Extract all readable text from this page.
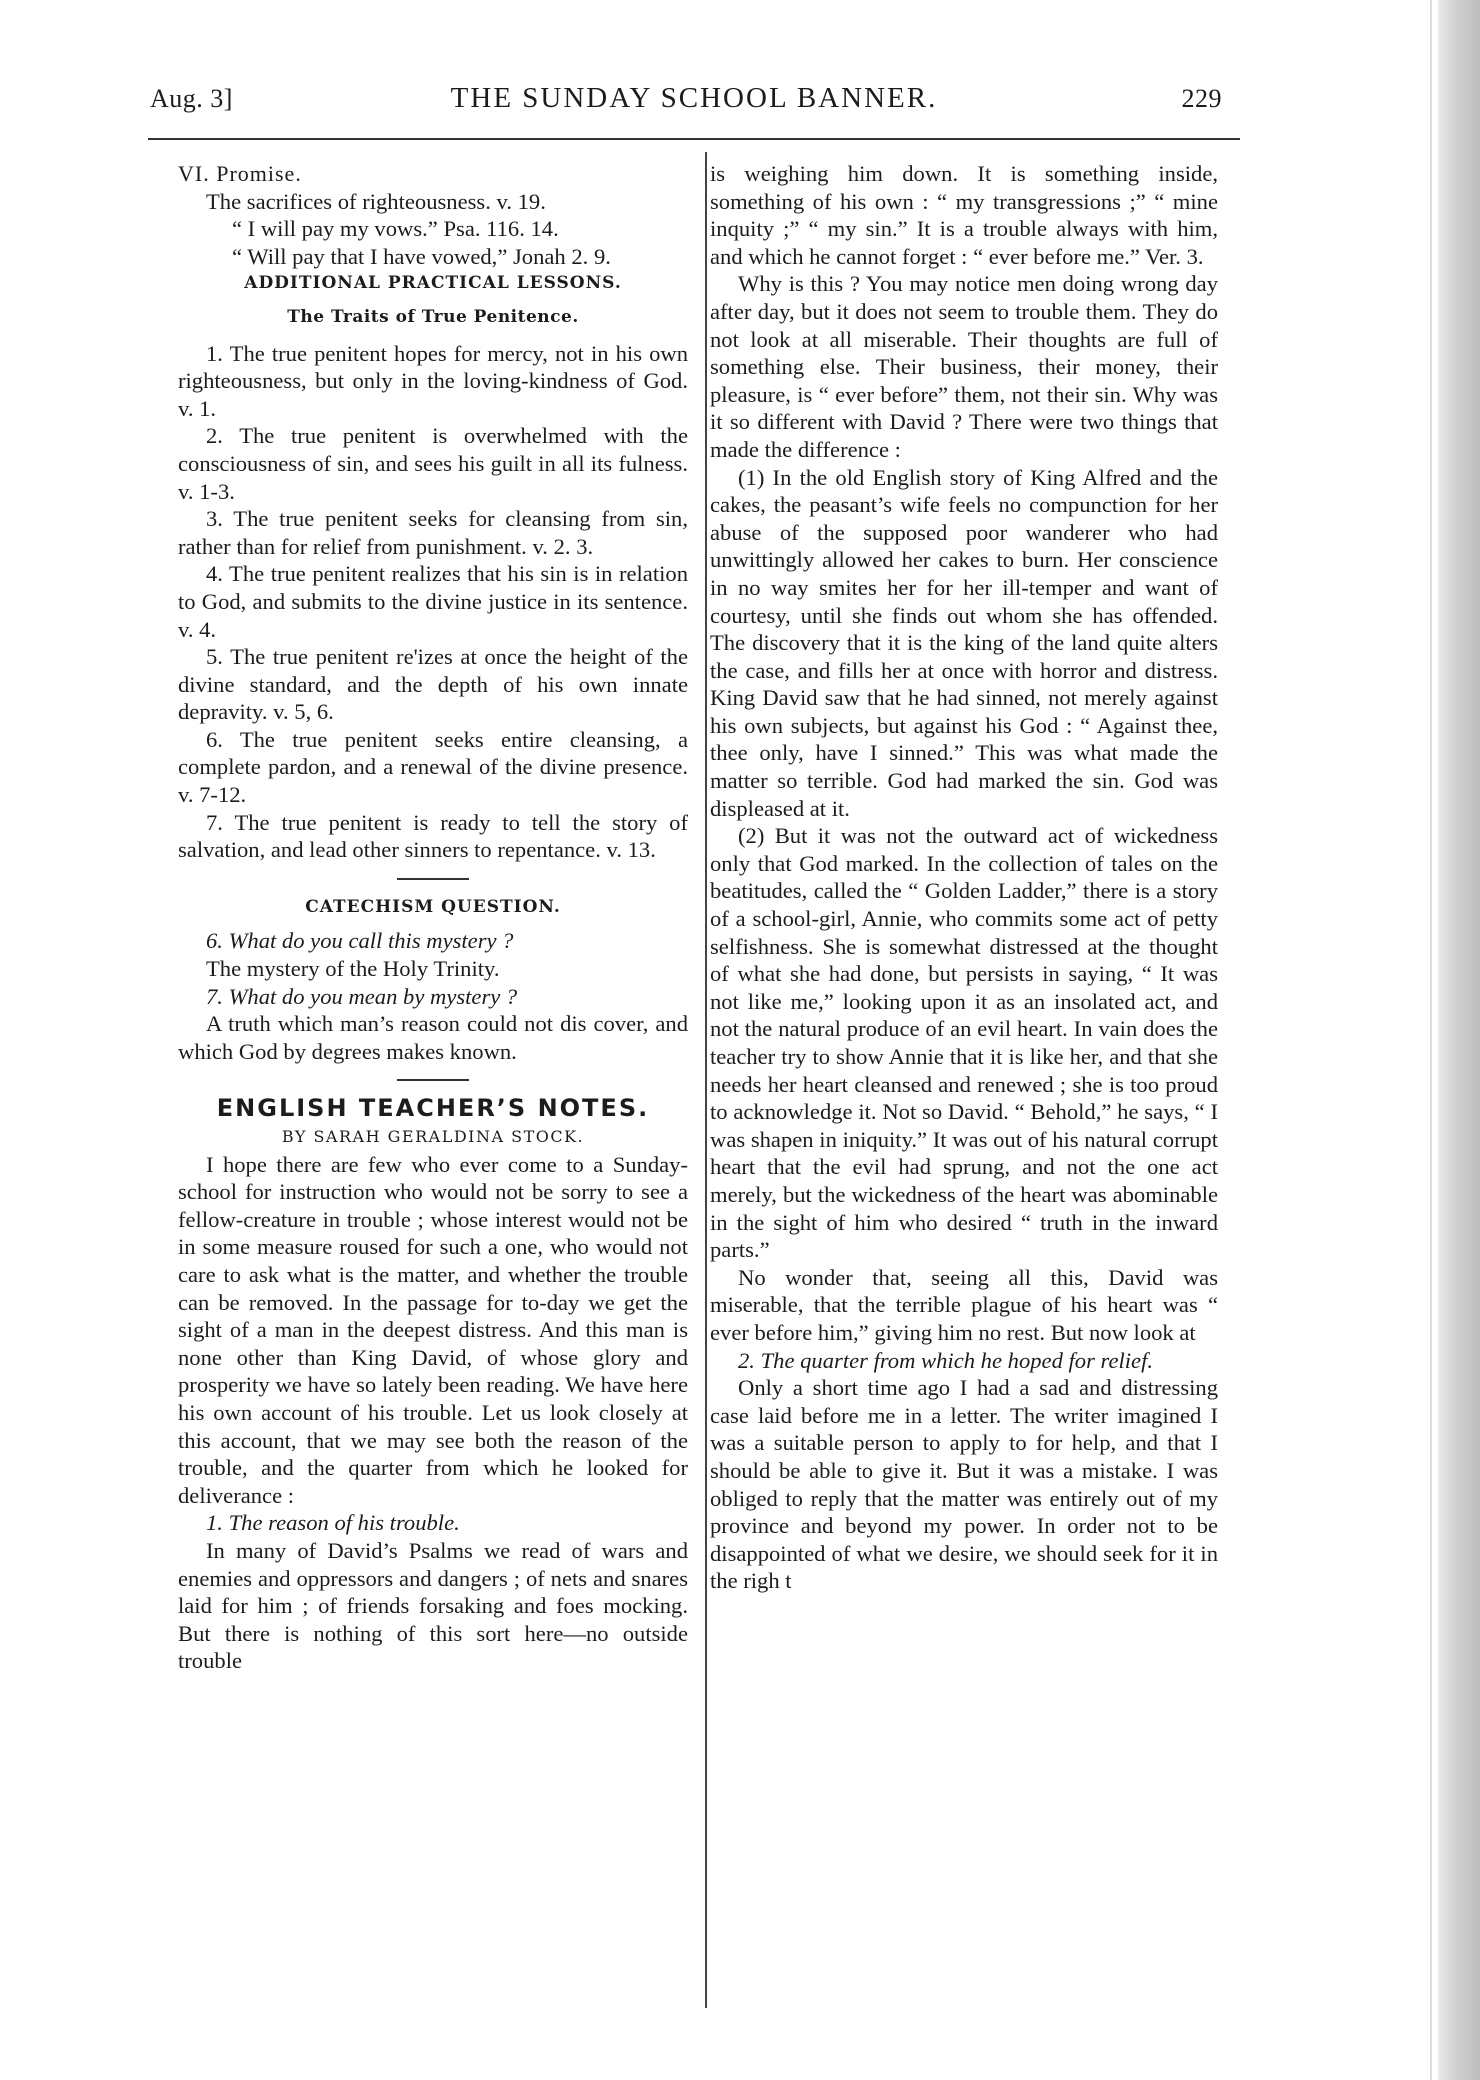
Aug. 3]	THE SUNDAY SCHOOL BANNER.	229

VI. Promise.

The sacrifices of righteousness. v. 19.

“ I will pay my vows.” Psa. 116. 14.

“ Will pay that I have vowed,” Jonah 2. 9.

ADDITIONAL PRACTICAL LESSONS.

The Traits of True Penitence.

1. The true penitent hopes for mercy, not in his own righteousness, but only in the loving-kindness of God. v. 1.

2. The true penitent is overwhelmed with the consciousness of sin, and sees his guilt in all its fulness. v. 1-3.

3. The true penitent seeks for cleansing from sin, rather than for relief from punishment. v. 2. 3.

4. The true penitent realizes that his sin is in relation to God, and submits to the divine justice in its sentence. v. 4.

5. The true penitent re'izes at once the height of the divine standard, and the depth of his own innate depravity. v. 5, 6.

6. The true penitent seeks entire cleansing, a complete pardon, and a renewal of the divine presence. v. 7-12.

7. The true penitent is ready to tell the story of salvation, and lead other sinners to repentance. v. 13.

CATECHISM QUESTION.

6. What do you call this mystery ?

The mystery of the Holy Trinity.

7. What do you mean by mystery ?

A truth which man’s reason could not dis cover, and which God by degrees makes known.

ENGLISH TEACHER’S NOTES.

BY SARAH GERALDINA STOCK.

I hope there are few who ever come to a Sunday-school for instruction who would not be sorry to see a fellow-creature in trouble ; whose interest would not be in some measure roused for such a one, who would not care to ask what is the matter, and whether the trouble can be removed. In the passage for to-day we get the sight of a man in the deepest distress. And this man is none other than King David, of whose glory and prosperity we have so lately been reading. We have here his own account of his trouble. Let us look closely at this account, that we may see both the reason of the trouble, and the quarter from which he looked for deliverance :

1. The reason of his trouble.

In many of David’s Psalms we read of wars and enemies and oppressors and dangers ; of nets and snares laid for him ; of friends forsaking and foes mocking. But there is nothing of this sort here—no outside trouble

is weighing him down. It is something inside, something of his own : “ my transgressions ;” “ mine inquity ;” “ my sin.” It is a trouble always with him, and which he cannot forget : “ ever before me.” Ver. 3.

Why is this ? You may notice men doing wrong day after day, but it does not seem to trouble them. They do not look at all miserable. Their thoughts are full of something else. Their business, their money, their pleasure, is “ ever before” them, not their sin. Why was it so different with David ? There were two things that made the difference :

(1) In the old English story of King Alfred and the cakes, the peasant’s wife feels no compunction for her abuse of the supposed poor wanderer who had unwittingly allowed her cakes to burn. Her conscience in no way smites her for her ill-temper and want of courtesy, until she finds out whom she has offended. The discovery that it is the king of the land quite alters the case, and fills her at once with horror and distress. King David saw that he had sinned, not merely against his own subjects, but against his God : “ Against thee, thee only, have I sinned.” This was what made the matter so terrible. God had marked the sin. God was displeased at it.

(2) But it was not the outward act of wickedness only that God marked. In the collection of tales on the beatitudes, called the “ Golden Ladder,” there is a story of a school-girl, Annie, who commits some act of petty selfishness. She is somewhat distressed at the thought of what she had done, but persists in saying, “ It was not like me,” looking upon it as an insolated act, and not the natural produce of an evil heart. In vain does the teacher try to show Annie that it is like her, and that she needs her heart cleansed and renewed ; she is too proud to acknowledge it. Not so David. “ Behold,” he says, “ I was shapen in iniquity.” It was out of his natural corrupt heart that the evil had sprung, and not the one act merely, but the wickedness of the heart was abominable in the sight of him who desired “ truth in the inward parts.”

No wonder that, seeing all this, David was miserable, that the terrible plague of his heart was “ ever before him,” giving him no rest. But now look at

2. The quarter from which he hoped for relief.

Only a short time ago I had a sad and distressing case laid before me in a letter. The writer imagined I was a suitable person to apply to for help, and that I should be able to give it. But it was a mistake. I was obliged to reply that the matter was entirely out of my province and beyond my power. In order not to be disappointed of what we desire, we should seek for it in the righ t
